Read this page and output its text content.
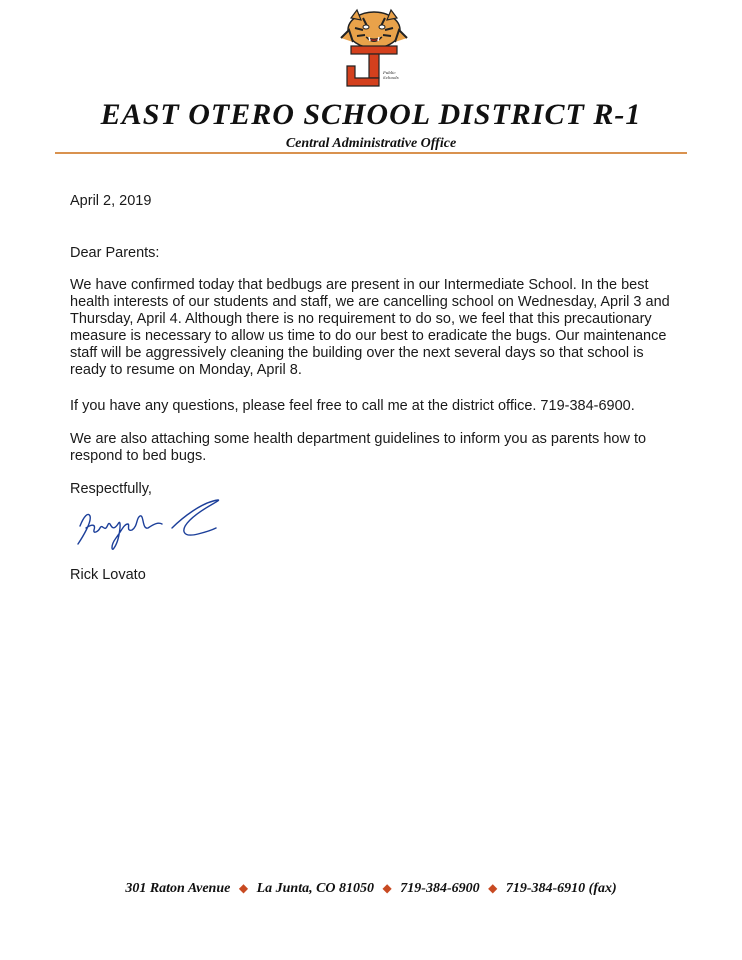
Public
Schools
EAST OTERO SCHOOL DISTRICT R-1
Central Administrative Office
April 2, 2019
Dear Parents:
We have confirmed today that bedbugs are present in our Intermediate School. In the best health interests of our students and staff, we are cancelling school on Wednesday, April 3 and Thursday, April 4. Although there is no requirement to do so, we feel that this precautionary measure is necessary to allow us time to do our best to eradicate the bugs. Our maintenance staff will be aggressively cleaning the building over the next several days so that school is ready to resume on Monday, April 8.
If you have any questions, please feel free to call me at the district office. 719-384-6900.
We are also attaching some health department guidelines to inform you as parents how to respond to bed bugs.
Respectfully,
Rick Lovato
301 Raton Avenue ◆ La Junta, CO 81050 ◆ 719-384-6900 ◆ 719-384-6910 (fax)
